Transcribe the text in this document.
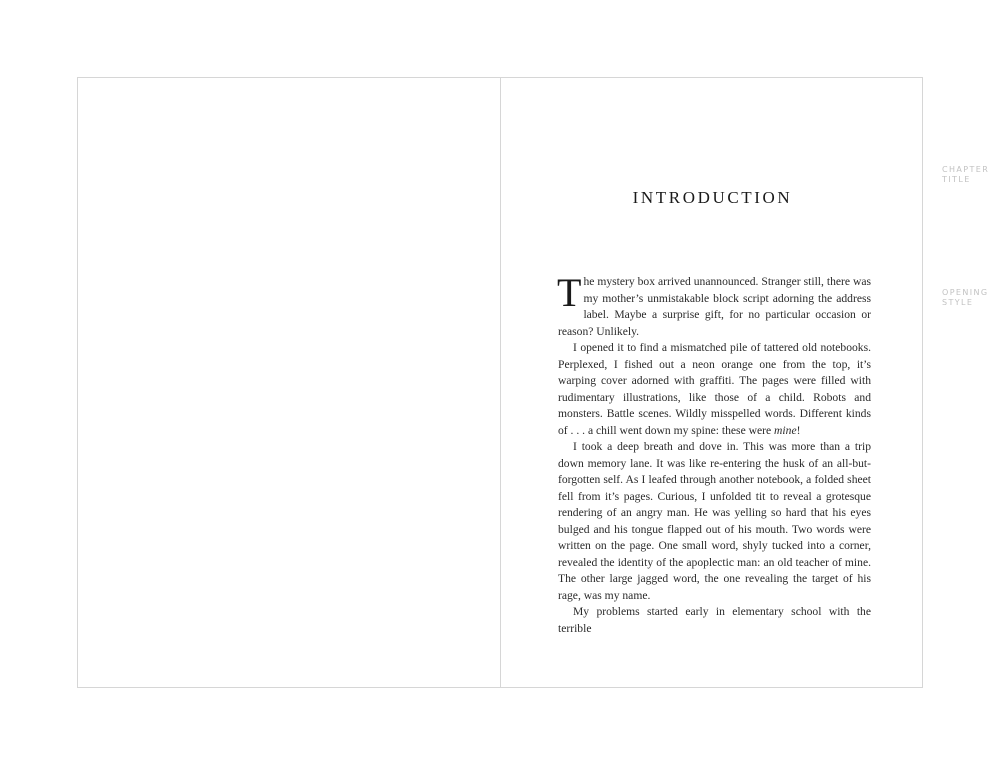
INTRODUCTION

The mystery box arrived unannounced. Stranger still, there was my mother’s unmistakable block script adorning the address label. Maybe a surprise gift, for no particular occasion or reason? Unlikely.

I opened it to find a mismatched pile of tattered old notebooks. Perplexed, I fished out a neon orange one from the top, it’s warping cover adorned with graffiti. The pages were filled with rudimentary illustrations, like those of a child. Robots and monsters. Battle scenes. Wildly misspelled words. Different kinds of . . . a chill went down my spine: these were mine!

I took a deep breath and dove in. This was more than a trip down memory lane. It was like re-entering the husk of an all-but-forgotten self. As I leafed through another notebook, a folded sheet fell from it’s pages. Curious, I unfolded tit to reveal a grotesque rendering of an angry man. He was yelling so hard that his eyes bulged and his tongue flapped out of his mouth. Two words were written on the page. One small word, shyly tucked into a corner, revealed the identity of the apoplectic man: an old teacher of mine. The other large jagged word, the one revealing the target of his rage, was my name.

My problems started early in elementary school with the terrible

CHAPTER
TITLE
OPENING
STYLE
